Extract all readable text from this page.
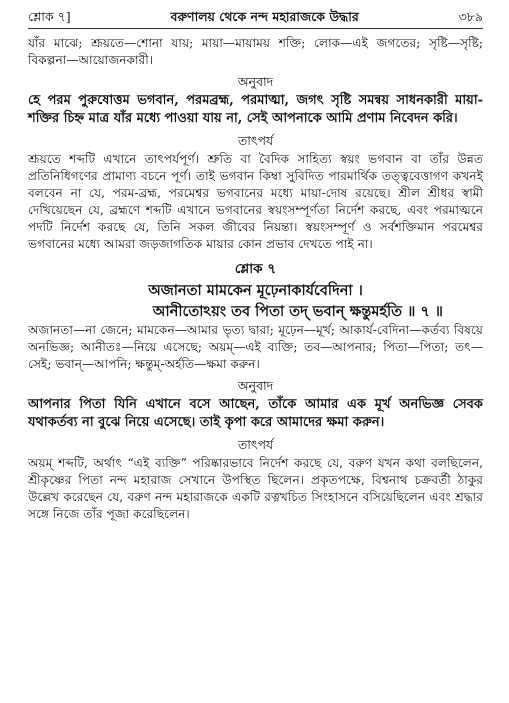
শ্লোক ৭]	বরুণালয় থেকে নন্দ মহারাজকে উদ্ধার	৩৮৯

যাঁর মাঝে; শ্রূয়তে—শোনা যায়; মায়া—মায়াময় শক্তি; লোক—এই জগতের; সৃষ্টি—সৃষ্টি; বিকল্পনা—আয়োজনকারী।

অনুবাদ

হে পরম পুরুষোত্তম ভগবান, পরমব্রহ্ম, পরমাত্মা, জগৎ সৃষ্টি সমন্বয় সাধনকারী মায়া-শক্তির চিহ্ন মাত্র যাঁর মধ্যে পাওয়া যায় না, সেই আপনাকে আমি প্রণাম নিবেদন করি।

তাৎপর্য

শ্রূয়তে শব্দটি এখানে তাৎপর্যপূর্ণ। শ্রুতি বা বৈদিক সাহিত্য স্বয়ং ভগবান বা তাঁর উন্নত প্রতিনিধিগণের প্রামাণ্য বচনে পূর্ণ। তাই ভগবান কিম্বা সুবিদিত পারমার্থিক তত্ত্ববেত্তাগণ কখনই বলবেন না যে, পরম-ব্রহ্ম, পরমেশ্বর ভগবানের মধ্যে মায়া-দোষ রয়েছে। শ্রীল শ্রীধর স্বামী দেখিয়েছেন যে, ব্রহ্মণে শব্দটি এখানে ভগবানের স্বয়ংসম্পূর্ণতা নির্দেশ করছে, এবং পরমাত্মনে পদটি নির্দেশ করছে যে, তিনি সকল জীবের নিয়ন্তা। স্বয়ংসম্পূর্ণ ও সর্বশক্তিমান পরমেশ্বর ভগবানের মধ্যে আমরা জড়জাগতিক মায়ার কোন প্রভাব দেখতে পাই না।

শ্লোক ৭

অজানতা মামকেন মূঢ়েনাকার্যবেদিনা ।

আনীতোঽয়ং তব পিতা তদ্ ভবান্ ক্ষন্তুমর্হতি ॥ ৭ ॥

অজানতা—না জেনে; মামকেন—আমার ভৃত্য দ্বারা; মূঢ়েন—মূর্খ; আকার্য-বেদিনা—কর্তব্য বিষয়ে অনভিজ্ঞ; আনীতঃ—নিয়ে এসেছে; অয়ম্—এই ব্যক্তি; তব—আপনার; পিতা—পিতা; তৎ—সেই; ভবান্—আপনি; ক্ষন্তুম্-অর্হতি—ক্ষমা করুন।

অনুবাদ

আপনার পিতা যিনি এখানে বসে আছেন, তাঁকে আমার এক মূর্খ অনভিজ্ঞ সেবক যথাকর্তব্য না বুঝে নিয়ে এসেছে। তাই কৃপা করে আমাদের ক্ষমা করুন।

তাৎপর্য

অয়ম্ শব্দটি, অর্থাৎ “এই ব্যক্তি” পরিষ্কারভাবে নির্দেশ করছে যে, বরুণ যখন কথা বলছিলেন, শ্রীকৃষ্ণের পিতা নন্দ মহারাজ সেখানে উপস্থিত ছিলেন। প্রকৃতপক্ষে, বিশ্বনাথ চক্রবর্তী ঠাকুর উল্লেখ করেছেন যে, বরুণ নন্দ মহারাজকে একটি রত্নখচিত সিংহাসনে বসিয়েছিলেন এবং শ্রদ্ধার সঙ্গে নিজে তাঁর পূজা করেছিলেন।
